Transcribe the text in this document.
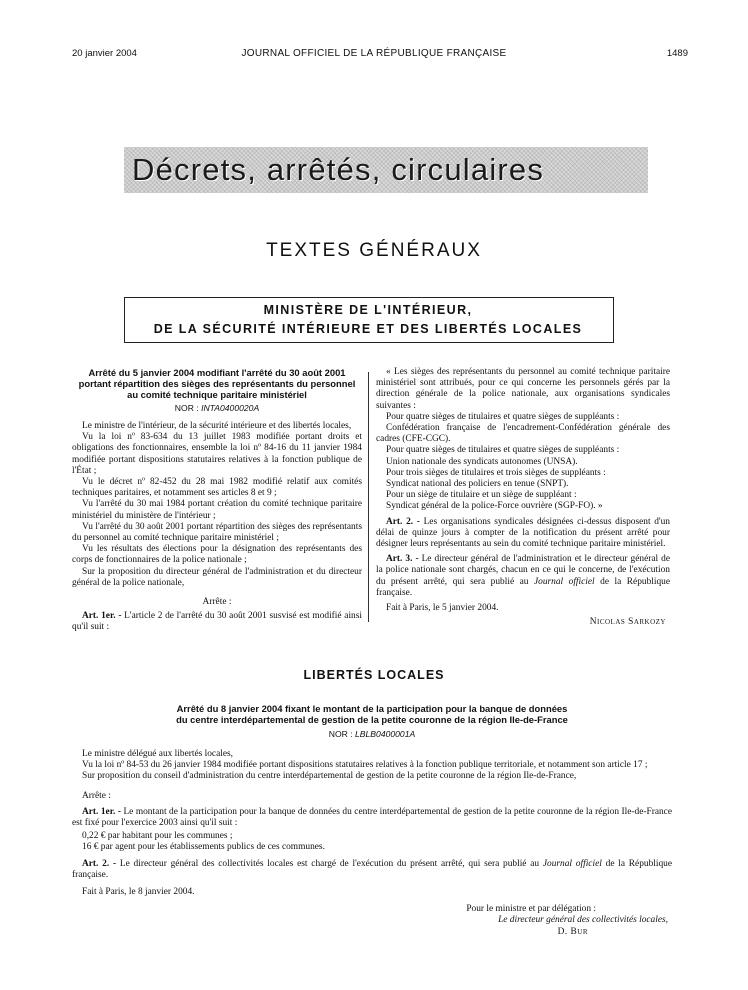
20 janvier 2004	JOURNAL OFFICIEL DE LA RÉPUBLIQUE FRANÇAISE	1489
Décrets, arrêtés, circulaires
TEXTES GÉNÉRAUX
MINISTÈRE DE L'INTÉRIEUR,
DE LA SÉCURITÉ INTÉRIEURE ET DES LIBERTÉS LOCALES
Arrêté du 5 janvier 2004 modifiant l'arrêté du 30 août 2001 portant répartition des sièges des représentants du personnel au comité technique paritaire ministériel
NOR : INTA0400020A
Le ministre de l'intérieur, de la sécurité intérieure et des libertés locales,
Vu la loi nº 83-634 du 13 juillet 1983 modifiée portant droits et obligations des fonctionnaires, ensemble la loi nº 84-16 du 11 janvier 1984 modifiée portant dispositions statutaires relatives à la fonction publique de l'État ;
Vu le décret nº 82-452 du 28 mai 1982 modifié relatif aux comités techniques paritaires, et notamment ses articles 8 et 9 ;
Vu l'arrêté du 30 mai 1984 portant création du comité technique paritaire ministériel du ministère de l'intérieur ;
Vu l'arrêté du 30 août 2001 portant répartition des sièges des représentants du personnel au comité technique paritaire ministériel ;
Vu les résultats des élections pour la désignation des représentants des corps de fonctionnaires de la police nationale ;
Sur la proposition du directeur général de l'administration et du directeur général de la police nationale,
Arrête :
Art. 1er. - L'article 2 de l'arrêté du 30 août 2001 susvisé est modifié ainsi qu'il suit :
« Les sièges des représentants du personnel au comité technique paritaire ministériel sont attribués, pour ce qui concerne les personnels gérés par la direction générale de la police nationale, aux organisations syndicales suivantes :
Pour quatre sièges de titulaires et quatre sièges de suppléants :
Confédération française de l'encadrement-Confédération générale des cadres (CFE-CGC).
Pour quatre sièges de titulaires et quatre sièges de suppléants :
Union nationale des syndicats autonomes (UNSA).
Pour trois sièges de titulaires et trois sièges de suppléants :
Syndicat national des policiers en tenue (SNPT).
Pour un siège de titulaire et un siège de suppléant :
Syndicat général de la police-Force ouvrière (SGP-FO). »
Art. 2. - Les organisations syndicales désignées ci-dessus disposent d'un délai de quinze jours à compter de la notification du présent arrêté pour désigner leurs représentants au sein du comité technique paritaire ministériel.
Art. 3. - Le directeur général de l'administration et le directeur général de la police nationale sont chargés, chacun en ce qui le concerne, de l'exécution du présent arrêté, qui sera publié au Journal officiel de la République française.
Fait à Paris, le 5 janvier 2004.
Nicolas Sarkozy
LIBERTÉS LOCALES
Arrêté du 8 janvier 2004 fixant le montant de la participation pour la banque de données
du centre interdépartemental de gestion de la petite couronne de la région Ile-de-France
NOR : LBLB0400001A
Le ministre délégué aux libertés locales,
Vu la loi nº 84-53 du 26 janvier 1984 modifiée portant dispositions statutaires relatives à la fonction publique territoriale, et notamment son article 17 ;
Sur proposition du conseil d'administration du centre interdépartemental de gestion de la petite couronne de la région Ile-de-France,
Arrête :
Art. 1er. - Le montant de la participation pour la banque de données du centre interdépartemental de gestion de la petite couronne de la région Ile-de-France est fixé pour l'exercice 2003 ainsi qu'il suit :
0,22 € par habitant pour les communes ;
16 € par agent pour les établissements publics de ces communes.
Art. 2. - Le directeur général des collectivités locales est chargé de l'exécution du présent arrêté, qui sera publié au Journal officiel de la République française.
Fait à Paris, le 8 janvier 2004.
Pour le ministre et par délégation :
Le directeur général des collectivités locales,
D. Bur
